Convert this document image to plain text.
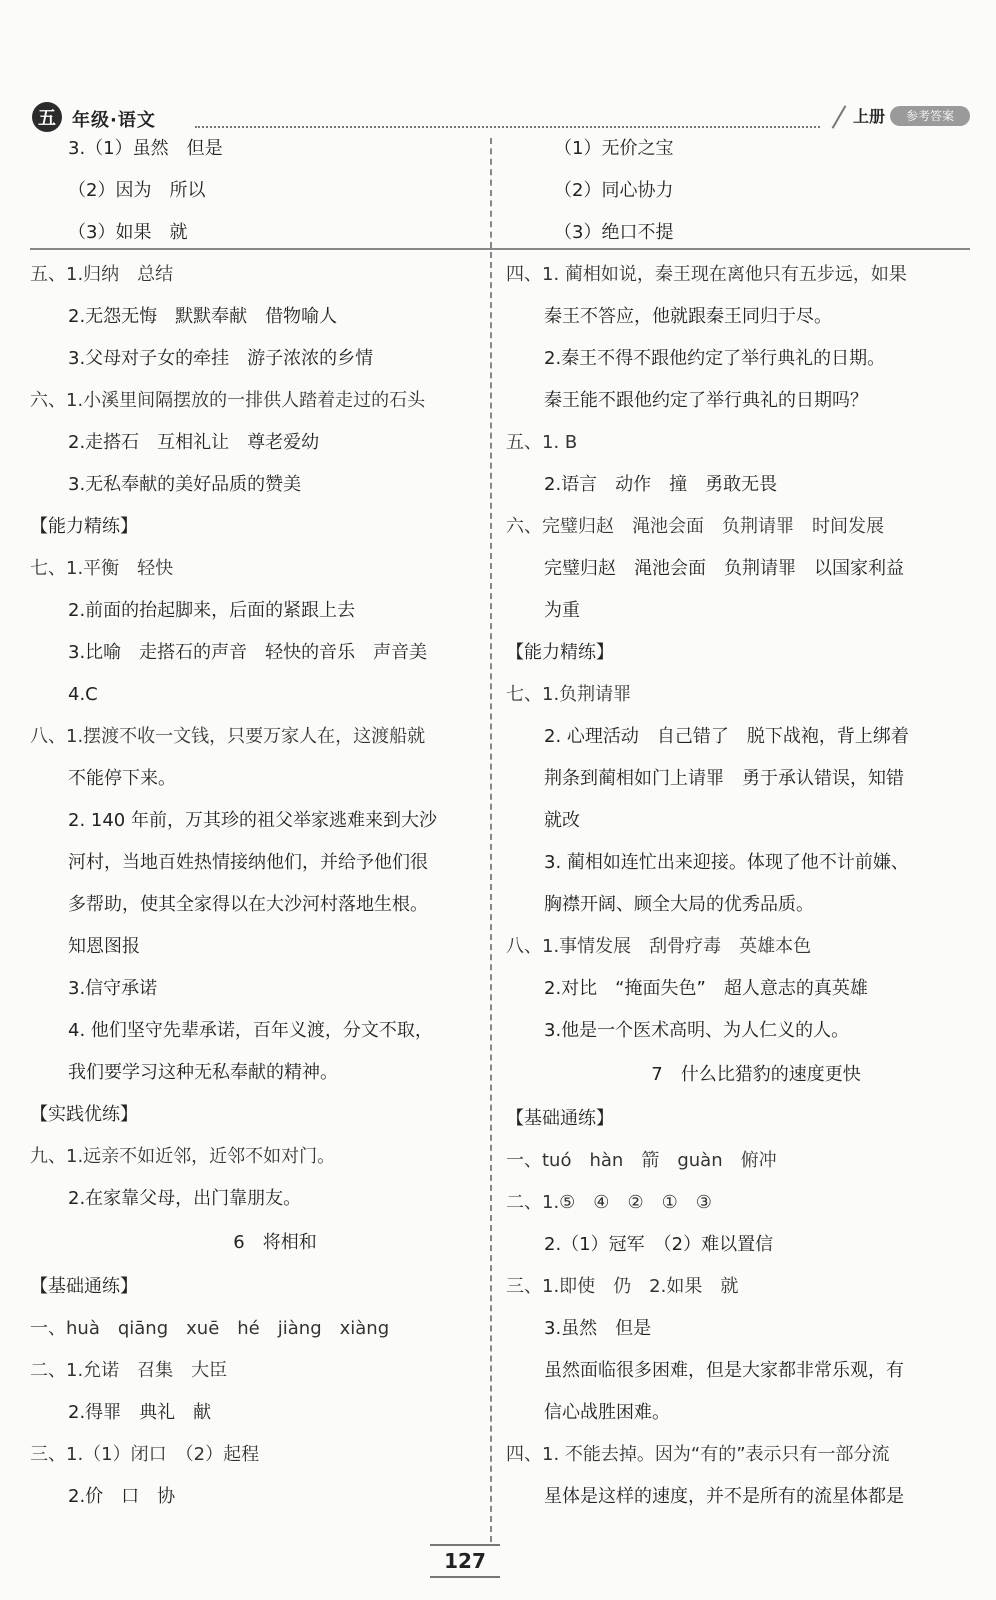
五 年级·语文	上册	参考答案
3.（1）虽然　但是
（2）因为　所以
（3）如果　就
五、1.归纳　总结
2.无怨无悔　默默奉献　借物喻人
3.父母对子女的牵挂　游子浓浓的乡情
六、1.小溪里间隔摆放的一排供人踏着走过的石头
2.走搭石　互相礼让　尊老爱幼
3.无私奉献的美好品质的赞美
【能力精练】
七、1.平衡　轻快
2.前面的抬起脚来，后面的紧跟上去
3.比喻　走搭石的声音　轻快的音乐　声音美
4.C
八、1.摆渡不收一文钱，只要万家人在，这渡船就
不能停下来。
2. 140 年前，万其珍的祖父举家逃难来到大沙
河村，当地百姓热情接纳他们，并给予他们很
多帮助，使其全家得以在大沙河村落地生根。
知恩图报
3.信守承诺
4. 他们坚守先辈承诺，百年义渡，分文不取，
我们要学习这种无私奉献的精神。
【实践优练】
九、1.远亲不如近邻，近邻不如对门。
2.在家靠父母，出门靠朋友。
6　将相和
【基础通练】
一、huà　qiāng　xuē　hé　jiàng　xiàng
二、1.允诺　召集　大臣
2.得罪　典礼　献
三、1.（1）闭口　（2）起程
2.价　口　协
（1）无价之宝
（2）同心协力
（3）绝口不提
四、1. 蔺相如说，秦王现在离他只有五步远，如果
秦王不答应，他就跟秦王同归于尽。
2.秦王不得不跟他约定了举行典礼的日期。
秦王能不跟他约定了举行典礼的日期吗？
五、1. B
2.语言　动作　撞　勇敢无畏
六、完璧归赵　渑池会面　负荆请罪　时间发展
完璧归赵　渑池会面　负荆请罪　以国家利益
为重
【能力精练】
七、1.负荆请罪
2. 心理活动　自己错了　脱下战袍，背上绑着
荆条到蔺相如门上请罪　勇于承认错误，知错
就改
3. 蔺相如连忙出来迎接。体现了他不计前嫌、
胸襟开阔、顾全大局的优秀品质。
八、1.事情发展　刮骨疗毒　英雄本色
2.对比　“掩面失色”　超人意志的真英雄
3.他是一个医术高明、为人仁义的人。
7　什么比猎豹的速度更快
【基础通练】
一、tuó　hàn　箭　guàn　俯冲
二、1.⑤　④　②　①　③
2.（1）冠军　（2）难以置信
三、1.即使　仍　2.如果　就
3.虽然　但是
虽然面临很多困难，但是大家都非常乐观，有
信心战胜困难。
四、1. 不能去掉。因为“有的”表示只有一部分流
星体是这样的速度，并不是所有的流星体都是
127
